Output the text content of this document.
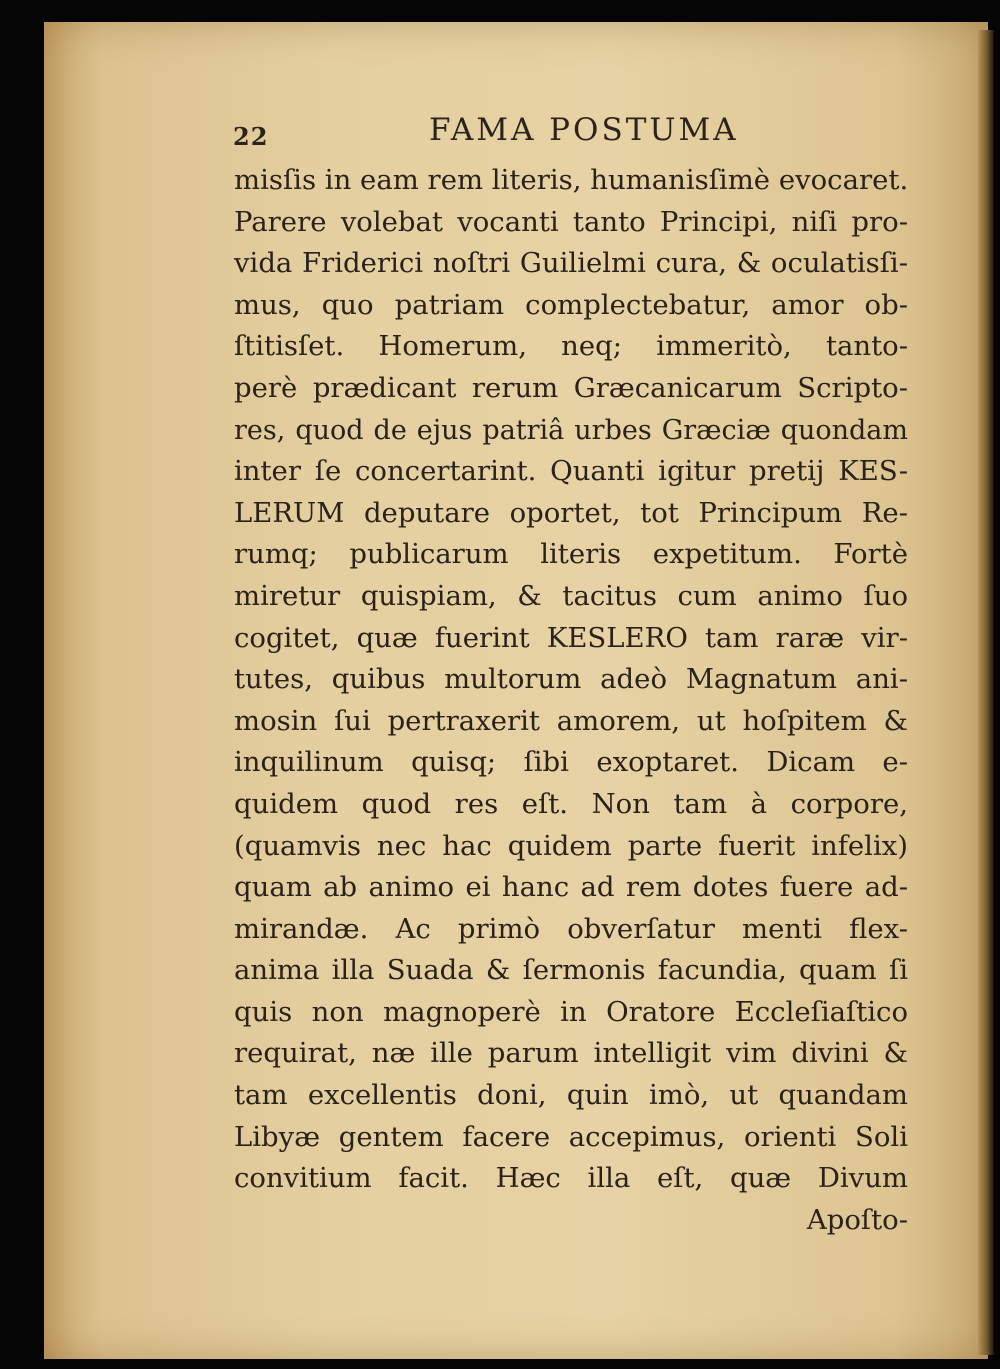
22	FAMA POSTUMA
misſis in eam rem literis, humanisſimè evocaret.
Parere volebat vocanti tanto Principi, niſi pro-
vida Friderici noſtri Guilielmi cura, & oculatisſi-
mus, quo patriam complectebatur, amor ob-
ſtitisſet. Homerum, neq; immeritò, tanto-
perè prædicant rerum Græcanicarum Scripto-
res, quod de ejus patriâ urbes Græciæ quondam
inter ſe concertarint. Quanti igitur pretij KES-
LERUM deputare oportet, tot Principum Re-
rumq; publicarum literis expetitum. Fortè
miretur quispiam, & tacitus cum animo ſuo
cogitet, quæ fuerint KESLERO tam raræ vir-
tutes, quibus multorum adeò Magnatum ani-
mosin ſui pertraxerit amorem, ut hoſpitem &
inquilinum quisq; ſibi exoptaret. Dicam e-
quidem quod res eſt. Non tam à corpore,
(quamvis nec hac quidem parte fuerit infelix)
quam ab animo ei hanc ad rem dotes fuere ad-
mirandæ. Ac primò obverſatur menti flex-
anima illa Suada & ſermonis facundia, quam ſi
quis non magnoperè in Oratore Eccleſiaſtico
requirat, næ ille parum intelligit vim divini &
tam excellentis doni, quin imò, ut quandam
Libyæ gentem facere accepimus, orienti Soli
convitium facit. Hæc illa eſt, quæ Divum
Apoſto-
